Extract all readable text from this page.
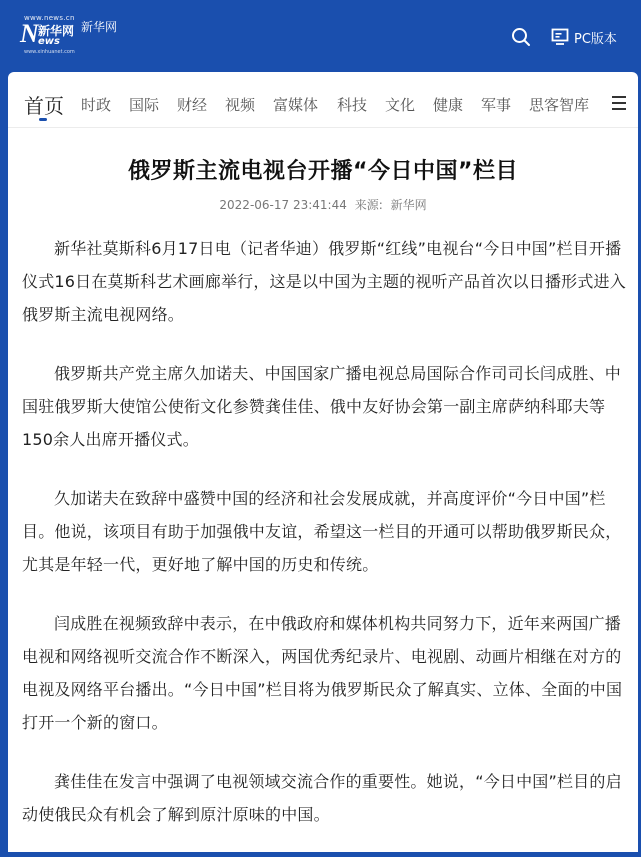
www.news.cn
N 新华网
ews
www.xinhuanet.com
新华网
PC版本
首页 时政 国际 财经 视频 富媒体 科技 文化 健康 军事 思客智库
俄罗斯主流电视台开播“今日中国”栏目
2022-06-17 23:41:44 来源: 新华网

新华社莫斯科6月17日电（记者华迪）俄罗斯“红线”电视台“今日中国”栏目开播仪式16日在莫斯科艺术画廊举行，这是以中国为主题的视听产品首次以日播形式进入俄罗斯主流电视网络。

俄罗斯共产党主席久加诺夫、中国国家广播电视总局国际合作司司长闫成胜、中国驻俄罗斯大使馆公使衔文化参赞龚佳佳、俄中友好协会第一副主席萨纳科耶夫等150余人出席开播仪式。

久加诺夫在致辞中盛赞中国的经济和社会发展成就，并高度评价“今日中国”栏目。他说，该项目有助于加强俄中友谊，希望这一栏目的开通可以帮助俄罗斯民众，尤其是年轻一代，更好地了解中国的历史和传统。

闫成胜在视频致辞中表示，在中俄政府和媒体机构共同努力下，近年来两国广播电视和网络视听交流合作不断深入，两国优秀纪录片、电视剧、动画片相继在对方的电视及网络平台播出。“今日中国”栏目将为俄罗斯民众了解真实、立体、全面的中国打开一个新的窗口。

龚佳佳在发言中强调了电视领域交流合作的重要性。她说，“今日中国”栏目的启动使俄民众有机会了解到原汁原味的中国。
